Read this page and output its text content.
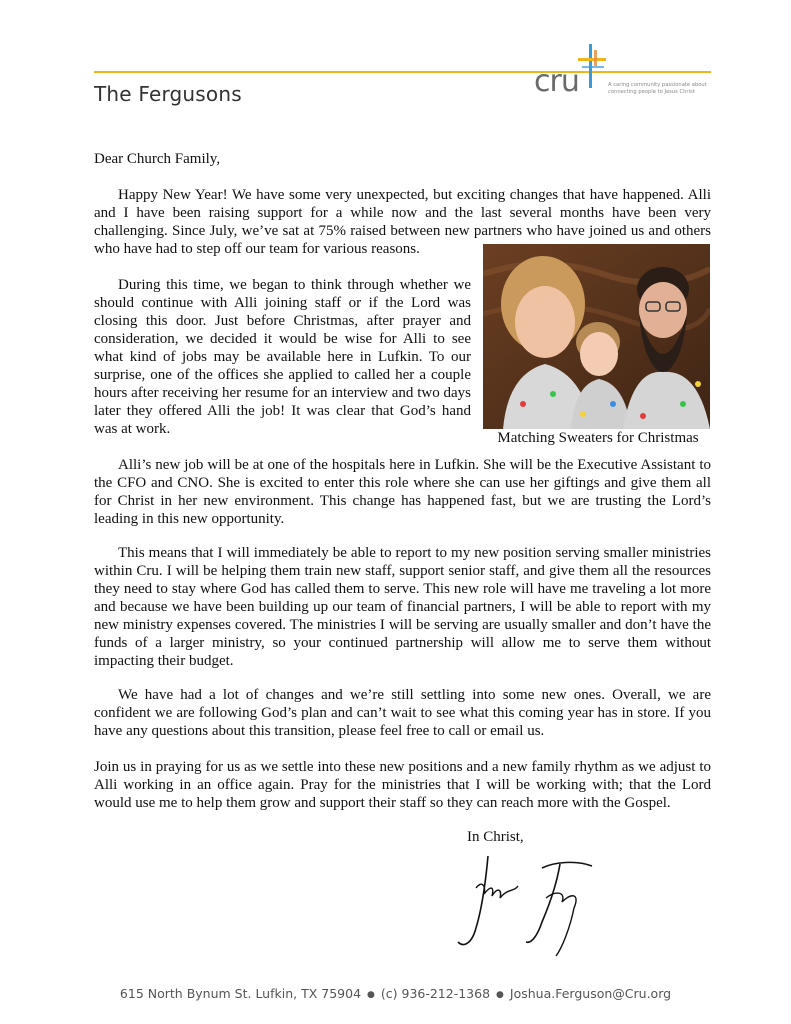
The Fergusons	cru	A caring community passionate about connecting people to Jesus Christ
Dear Church Family,

Happy New Year! We have some very unexpected, but exciting changes that have happened. Alli and I have been raising support for a while now and the last several months have been very challenging. Since July, we’ve sat at 75% raised between new partners who have joined us and others who have had to step off our team for various reasons.

During this time, we began to think through whether we should continue with Alli joining staff or if the Lord was closing this door. Just before Christmas, after prayer and consideration, we decided it would be wise for Alli to see what kind of jobs may be available here in Lufkin. To our surprise, one of the offices she applied to called her a couple hours after receiving her resume for an interview and two days later they offered Alli the job! It was clear that God’s hand was at work.

Matching Sweaters for Christmas

Alli’s new job will be at one of the hospitals here in Lufkin. She will be the Executive Assistant to the CFO and CNO. She is excited to enter this role where she can use her giftings and give them all for Christ in her new environment. This change has happened fast, but we are trusting the Lord’s leading in this new opportunity.

This means that I will immediately be able to report to my new position serving smaller ministries within Cru. I will be helping them train new staff, support senior staff, and give them all the resources they need to stay where God has called them to serve. This new role will have me traveling a lot more and because we have been building up our team of financial partners, I will be able to report with my new ministry expenses covered. The ministries I will be serving are usually smaller and don’t have the funds of a larger ministry, so your continued partnership will allow me to serve them without impacting their budget.

We have had a lot of changes and we’re still settling into some new ones. Overall, we are confident we are following God’s plan and can’t wait to see what this coming year has in store. If you have any questions about this transition, please feel free to call or email us.

Join us in praying for us as we settle into these new positions and a new family rhythm as we adjust to Alli working in an office again. Pray for the ministries that I will be working with; that the Lord would use me to help them grow and support their staff so they can reach more with the Gospel.

In Christ,
615 North Bynum St. Lufkin, TX 75904 ● (c) 936-212-1368 ● Joshua.Ferguson@Cru.org
